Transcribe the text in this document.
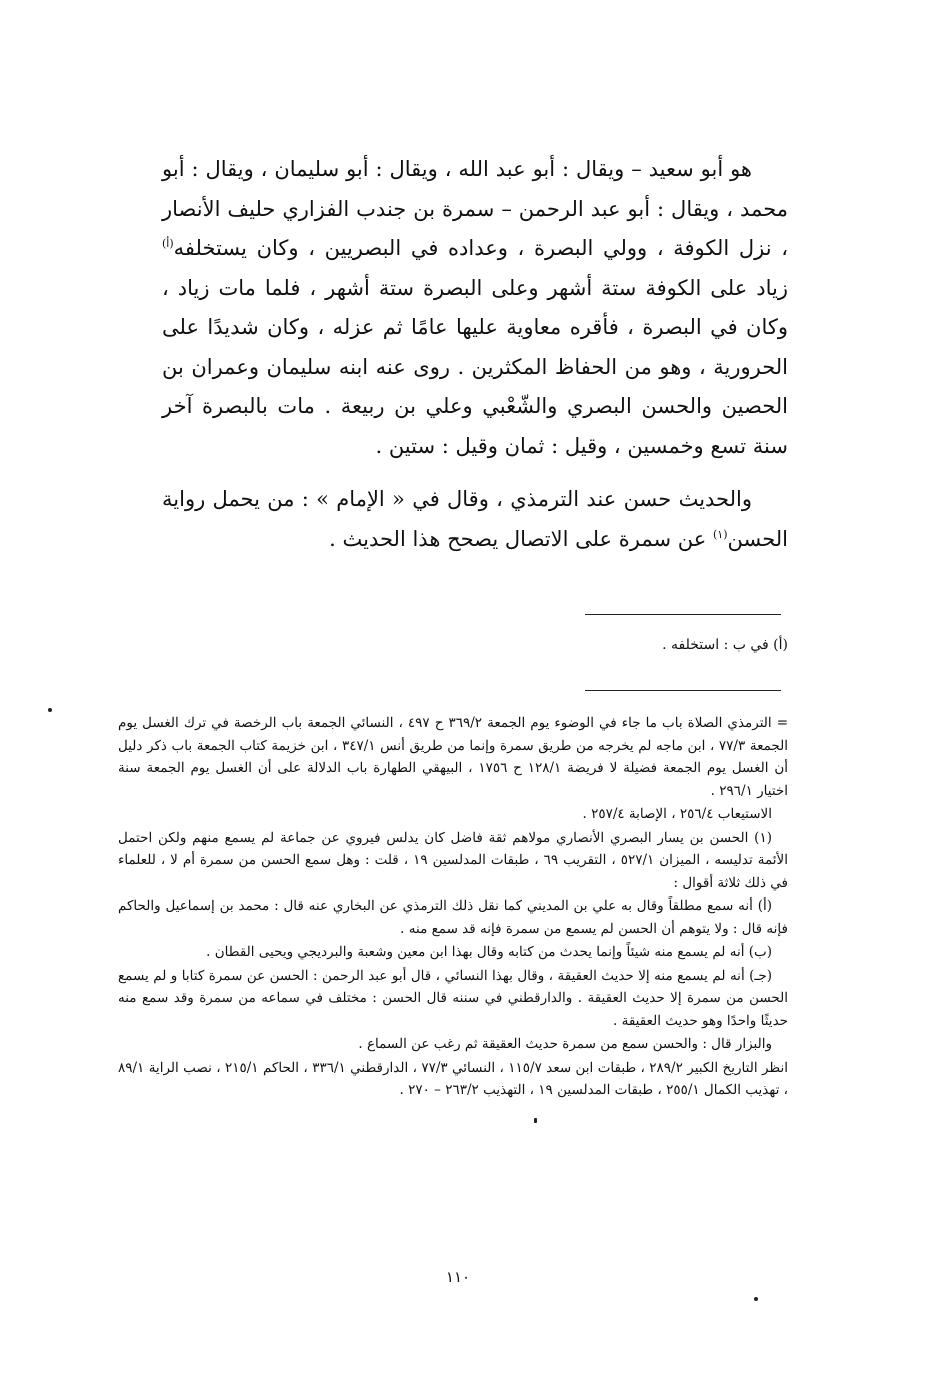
هو أبو سعيد – ويقال : أبو عبد الله ، ويقال : أبو سليمان ، ويقال : أبو محمد ، ويقال : أبو عبد الرحمن – سمرة بن جندب الفزاري حليف الأنصار ، نزل الكوفة ، وولي البصرة ، وعداده في البصريين ، وكان يستخلفه$^{(أ)}$ زياد على الكوفة ستة أشهر وعلى البصرة ستة أشهر ، فلما مات زياد ، وكان في البصرة ، فأقره معاوية عليها عامًا ثم عزله ، وكان شديدًا على الحرورية ، وهو من الحفاظ المكثرين . روى عنه ابنه سليمان وعمران بن الحصين والحسن البصري والشّعْبي وعلي بن ربيعة . مات بالبصرة آخر سنة تسع وخمسين ، وقيل : ثمان وقيل : ستين .

والحديث حسن عند الترمذي ، وقال في « الإمام » : من يحمل رواية الحسن$^{(١)}$ عن سمرة على الاتصال يصحح هذا الحديث .

(أ) في ب : استخلفه .

= الترمذي الصلاة باب ما جاء في الوضوء يوم الجمعة ٣٦٩/٢ ح ٤٩٧ ، النسائي الجمعة باب الرخصة في ترك الغسل يوم الجمعة ٧٧/٣ ، ابن ماجه لم يخرجه من طريق سمرة وإنما من طريق أنس ٣٤٧/١ ، ابن خزيمة كتاب الجمعة باب ذكر دليل أن الغسل يوم الجمعة فضيلة لا فريضة ١٢٨/١ ح ١٧٥٦ ، البيهقي الطهارة باب الدلالة على أن الغسل يوم الجمعة سنة اختيار ٢٩٦/١ .

الاستيعاب ٢٥٦/٤ ، الإصابة ٢٥٧/٤ .

(١) الحسن بن يسار البصري الأنصاري مولاهم ثقة فاضل كان يدلس فيروي عن جماعة لم يسمع منهم ولكن احتمل الأئمة تدليسه ، الميزان ٥٢٧/١ ، التقريب ٦٩ ، طبقات المدلسين ١٩ ، قلت : وهل سمع الحسن من سمرة أم لا ، للعلماء في ذلك ثلاثة أقوال :

(أ) أنه سمع مطلقاً وقال به علي بن المديني كما نقل ذلك الترمذي عن البخاري عنه قال : محمد بن إسماعيل والحاكم فإنه قال : ولا يتوهم أن الحسن لم يسمع من سمرة فإنه قد سمع منه .

(ب) أنه لم يسمع منه شيئاً وإنما يحدث من كتابه وقال بهذا ابن معين وشعبة والبرديجي ويحيى القطان .

(جـ) أنه لم يسمع منه إلا حديث العقيقة ، وقال بهذا النسائي ، قال أبو عبد الرحمن : الحسن عن سمرة كتابا و لم يسمع الحسن من سمرة إلا حديث العقيقة . والدارقطني في سننه قال الحسن : مختلف في سماعه من سمرة وقد سمع منه حديثًا واحدًا وهو حديث العقيقة .

والبزار قال : والحسن سمع من سمرة حديث العقيقة ثم رغب عن السماع .

انظر التاريخ الكبير ٢٨٩/٢ ، طبقات ابن سعد ١١٥/٧ ، النسائي ٧٧/٣ ، الدارقطني ٣٣٦/١ ، الحاكم ٢١٥/١ ، نصب الراية ٨٩/١ ، تهذيب الكمال ٢٥٥/١ ، طبقات المدلسين ١٩ ، التهذيب ٢٦٣/٢ – ٢٧٠ .

١١٠
